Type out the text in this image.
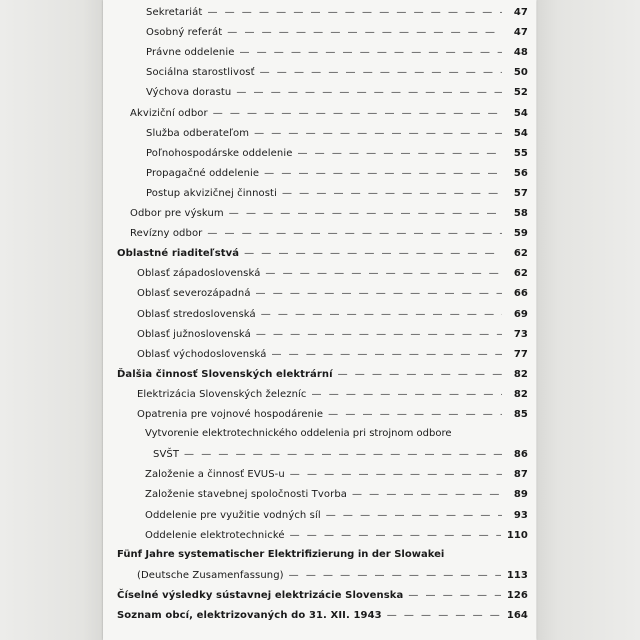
Sekretariát — — —	47
Osobný referát — — —	47
Právne oddelenie — — —	48
Sociálna starostlivosť — — —	50
Výchova dorastu — — —	52
Akviziční odbor — — —	54
Služba odberateľom — — —	54
Poľnohospodárske oddelenie — — —	55
Propagačné oddelenie — — —	56
Postup akvizičnej činnosti — — —	57
Odbor pre výskum — — —	58
Revízny odbor — — —	59
Oblastné riaditeľstvá — — —	62
Oblasť západoslovenská — — —	62
Oblasť severozápadná — — —	66
Oblasť stredoslovenská — — —	69
Oblasť južnoslovenská — — —	73
Oblasť východoslovenská — — —	77
Ďalšia činnosť Slovenských elektrární — — —	82
Elektrizácia Slovenských železníc — — —	82
Opatrenia pre vojnové hospodárenie — — —	85
Vytvorenie elektrotechnického oddelenia pri strojnom odbore
SVŠT — — —	86
Založenie a činnosť EVUS-u — — —	87
Založenie stavebnej spoločnosti Tvorba — — —	89
Oddelenie pre využitie vodných síl — — —	93
Oddelenie elektrotechnické — — —	110
Fünf Jahre systematischer Elektrifizierung in der Slowakei
(Deutsche Zusamenfassung) — — —	113
Číselné výsledky sústavnej elektrizácie Slovenska — — —	126
Soznam obcí, elektrizovaných do 31. XII. 1943 — — —	164
